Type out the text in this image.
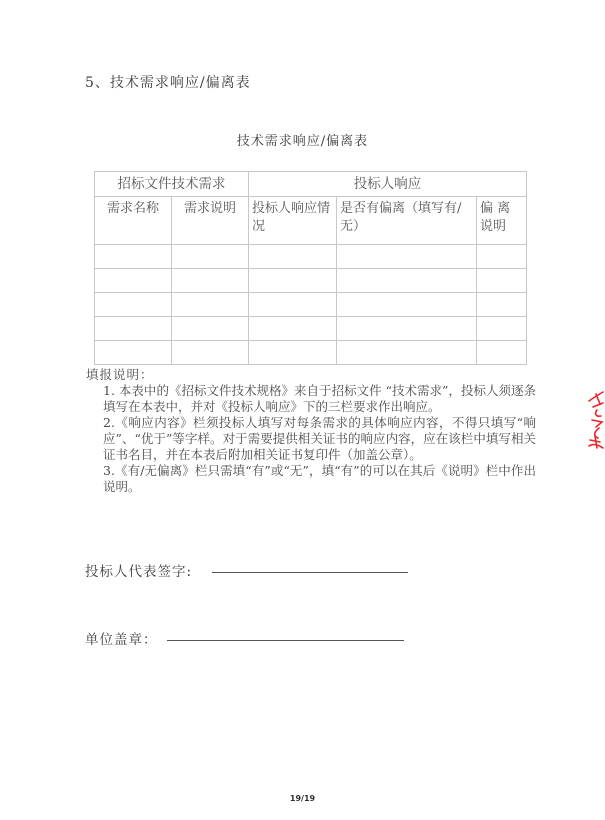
5、技术需求响应/偏离表
技术需求响应/偏离表
招标文件技术需求		投标人响应		
需求名称	需求说明	投标人响应情况	是否有偏离（填写有/无）	偏 离说明

填报说明：
1. 本表中的《招标文件技术规格》来自于招标文件 “技术需求”，投标人须逐条填写在本表中，并对《投标人响应》下的三栏要求作出响应。
2.《响应内容》栏须投标人填写对每条需求的具体响应内容，不得只填写“响应”、“优于”等字样。对于需要提供相关证书的响应内容，应在该栏中填写相关证书名目，并在本表后附加相关证书复印件（加盖公章）。
3.《有/无偏离》栏只需填“有”或“无”，填“有”的可以在其后《说明》栏中作出说明。
投标人代表签字:
单位盖章：
19/19
